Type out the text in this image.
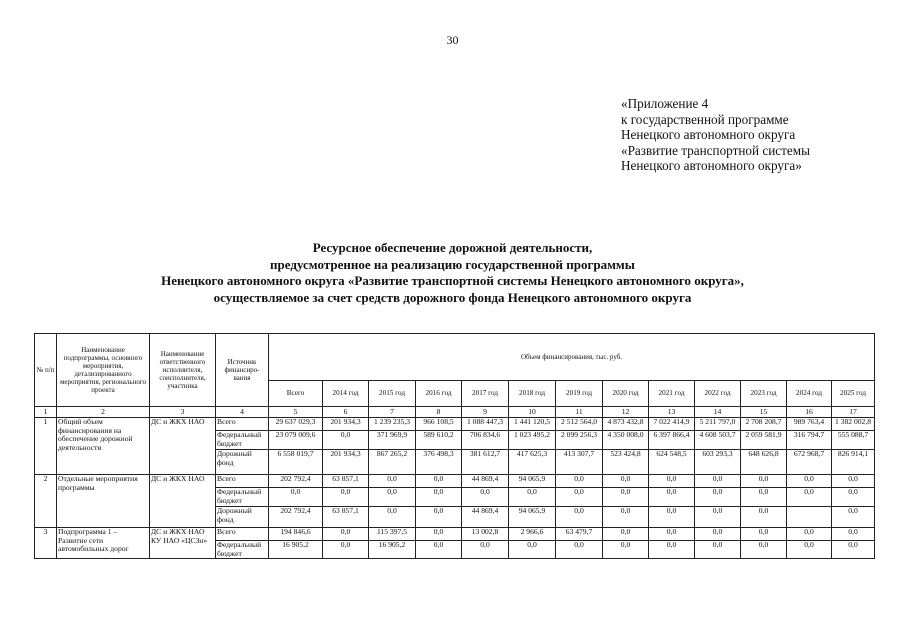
30
«Приложение 4
к государственной программе
Ненецкого автономного округа
«Развитие транспортной системы
Ненецкого автономного округа»
Ресурсное обеспечение дорожной деятельности,
предусмотренное на реализацию государственной программы
Ненецкого автономного округа «Развитие транспортной системы Ненецкого автономного округа»,
осуществляемое за счет средств дорожного фонда Ненецкого автономного округа
№ п/п	Наименование подпрограммы, основного мероприятия, детализированного мероприятия, регионального проекта	Наименование ответственного исполнителя, соисполнителя, участника	Источник финансиро-вания	Объем финансирования, тыс. руб.												
				Всего	2014 год	2015 год	2016 год	2017 год	2018 год	2019 год	2020 год	2021 год	2022 год	2023 год	2024 год	2025 год
1	2	3	4	5	6	7	8	9	10	11	12	13	14	15	16	17
1	Общий объем финансирования на обеспечение дорожной деятельности	ДС и ЖКХ НАО	Всего	29 637 029,3	201 934,3	1 239 235,3	966 108,5	1 088 447,3	1 441 120,5	2 512 564,0	4 873 432,8	7 022 414,9	5 211 797,0	2 708 208,7	989 763,4	1 382 002,8
			Федеральный бюджет	23 079 009,6	0,0	371 969,9	589 610,2	706 834,6	1 023 495,2	2 099 256,3	4 350 008,0	6 397 866,4	4 608 503,7	2 059 581,9	316 794,7	555 088,7
			Дорожный фонд	6 558 019,7	201 934,3	867 265,2	376 498,3	381 612,7	417 625,3	413 307,7	523 424,8	624 548,5	603 293,3	648 626,8	672 968,7	826 914,1
2	Отдельные мероприятия программы	ДС и ЖКХ НАО	Всего	202 792,4	63 857,1	0,0	0,0	44 869,4	94 065,9	0,0	0,0	0,0	0,0	0,0	0,0	0,0
			Федеральный бюджет	0,0	0,0	0,0	0,0	0,0	0,0	0,0	0,0	0,0	0,0	0,0	0,0	0,0
			Дорожный фонд	202 792,4	63 857,1	0,0	0,0	44 869,4	94 065,9	0,0	0,0	0,0	0,0	0,0		0,0
3	Подпрограмма 1 – Развитие сети автомобильных дорог	ДС и ЖКХ НАО КУ НАО «ЦСЗн»	Всего	194 846,6	0,0	115 397,5	0,0	13 002,8	2 966,6	63 479,7	0,0	0,0	0,0	0,0	0,0	0,0
			Федеральный бюджет	16 905,2	0,0	16 905,2	0,0	0,0	0,0	0,0	0,0	0,0	0,0	0,0	0,0	0,0
